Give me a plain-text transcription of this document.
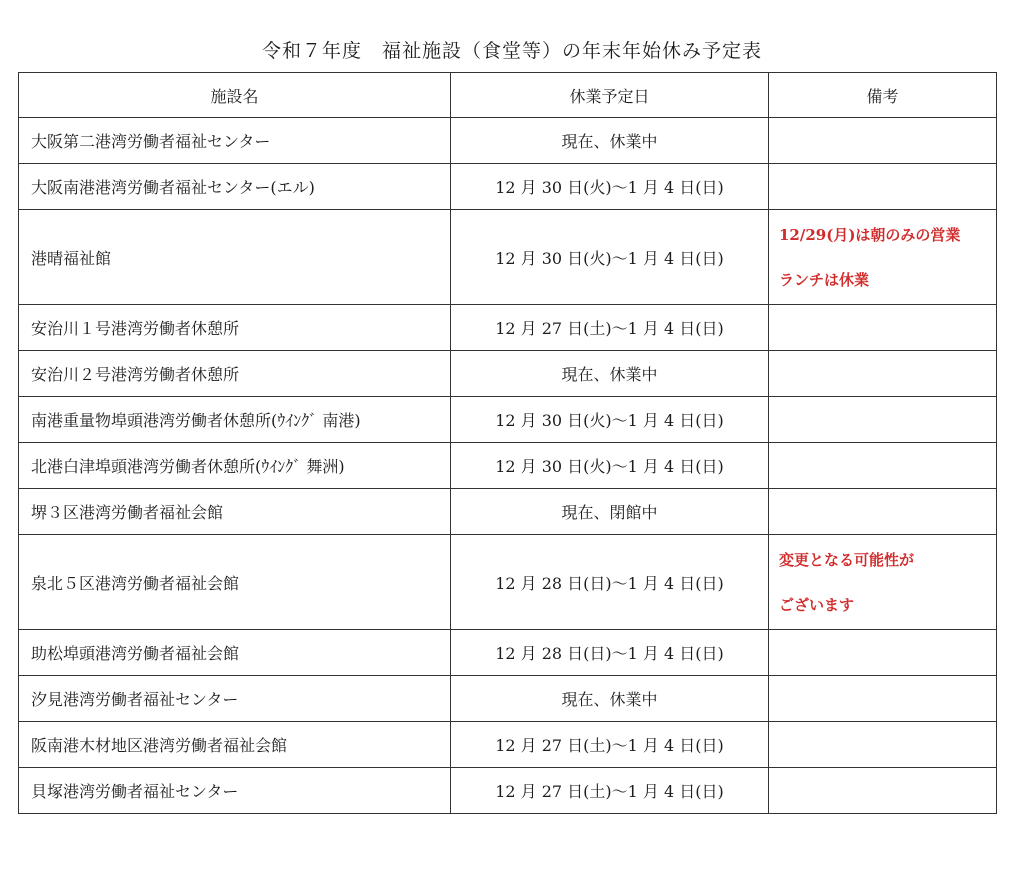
令和７年度　福祉施設（食堂等）の年末年始休み予定表
施設名	休業予定日	備考
大阪第二港湾労働者福祉センター	現在、休業中	
大阪南港港湾労働者福祉センター(エル)	12 月 30 日(火)～1 月 4 日(日)	
港晴福祉館	12 月 30 日(火)～1 月 4 日(日)	12/29(月)は朝のみの営業
ランチは休業

安治川１号港湾労働者休憩所	12 月 27 日(土)～1 月 4 日(日)	
安治川２号港湾労働者休憩所	現在、休業中	
南港重量物埠頭港湾労働者休憩所(ｳｲﾝｸﾞ 南港)	12 月 30 日(火)～1 月 4 日(日)	
北港白津埠頭港湾労働者休憩所(ｳｲﾝｸﾞ 舞洲)	12 月 30 日(火)～1 月 4 日(日)	
堺３区港湾労働者福祉会館	現在、閉館中	
泉北５区港湾労働者福祉会館	12 月 28 日(日)～1 月 4 日(日)	変更となる可能性が
ございます

助松埠頭港湾労働者福祉会館	12 月 28 日(日)～1 月 4 日(日)	
汐見港湾労働者福祉センター	現在、休業中	
阪南港木材地区港湾労働者福祉会館	12 月 27 日(土)～1 月 4 日(日)	
貝塚港湾労働者福祉センター	12 月 27 日(土)～1 月 4 日(日)	
